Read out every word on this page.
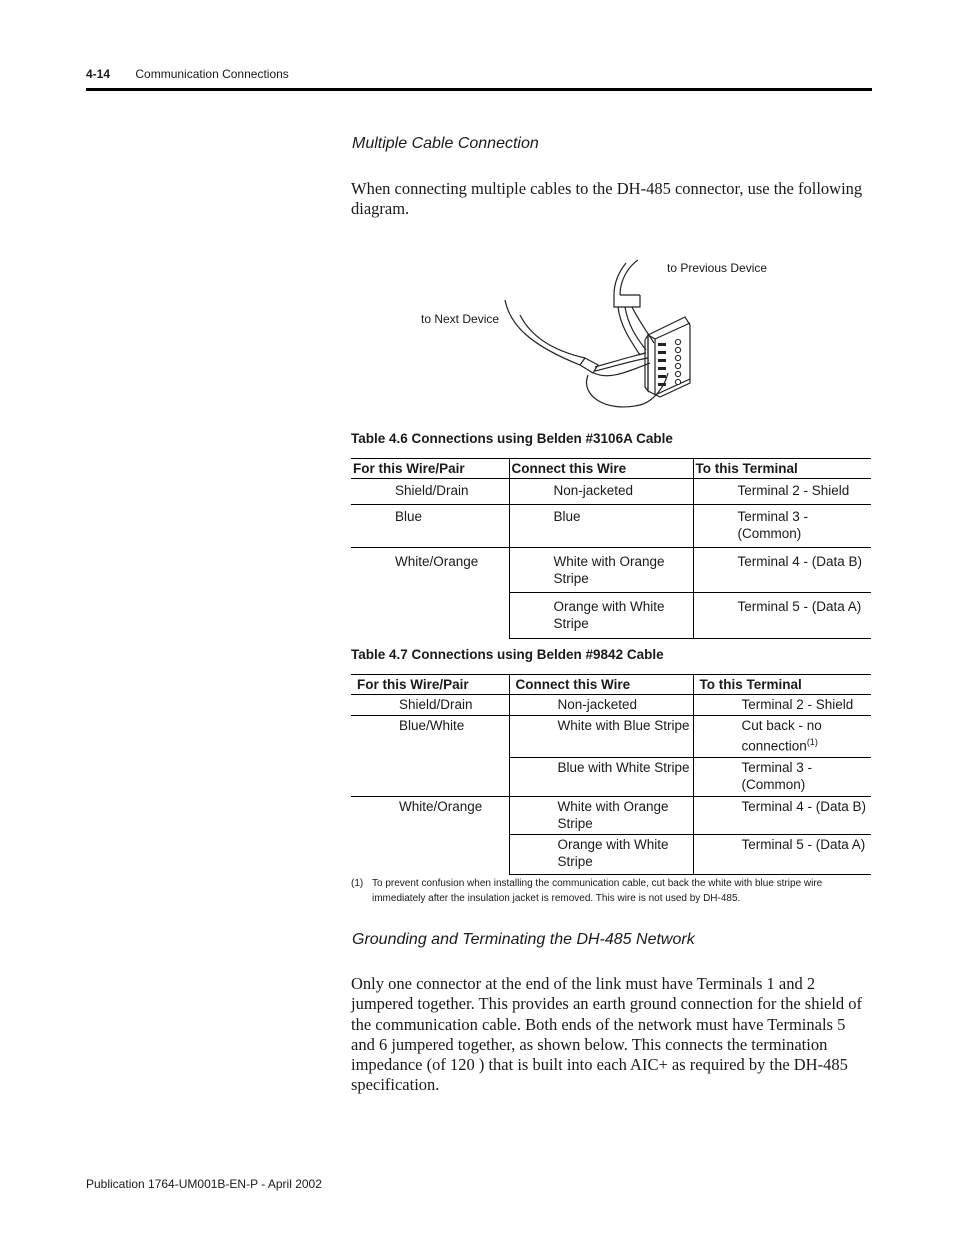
4-14 Communication Connections
Multiple Cable Connection
When connecting multiple cables to the DH-485 connector, use the following diagram.
to Previous Device
to Next Device
Table 4.6 Connections using Belden #3106A Cable
For this Wire/Pair	Connect this Wire	To this Terminal
Shield/Drain	Non-jacketed	Terminal 2 - Shield
Blue	Blue	Terminal 3 - (Common)
White/Orange	White with Orange Stripe	Terminal 4 - (Data B)
	Orange with White Stripe	Terminal 5 - (Data A)
Table 4.7 Connections using Belden #9842 Cable
For this Wire/Pair	Connect this Wire	To this Terminal
Shield/Drain	Non-jacketed	Terminal 2 - Shield
Blue/White	White with Blue Stripe	Cut back - no connection$^{(1)}$
	Blue with White Stripe	Terminal 3 - (Common)
White/Orange	White with Orange Stripe	Terminal 4 - (Data B)
	Orange with White Stripe	Terminal 5 - (Data A)
(1) To prevent confusion when installing the communication cable, cut back the white with blue stripe wire immediately after the insulation jacket is removed. This wire is not used by DH-485.
Grounding and Terminating the DH-485 Network
Only one connector at the end of the link must have Terminals 1 and 2 jumpered together. This provides an earth ground connection for the shield of the communication cable. Both ends of the network must have Terminals 5 and 6 jumpered together, as shown below. This connects the termination impedance (of 120 ) that is built into each AIC+ as required by the DH-485 specification.
Publication 1764-UM001B-EN-P - April 2002
